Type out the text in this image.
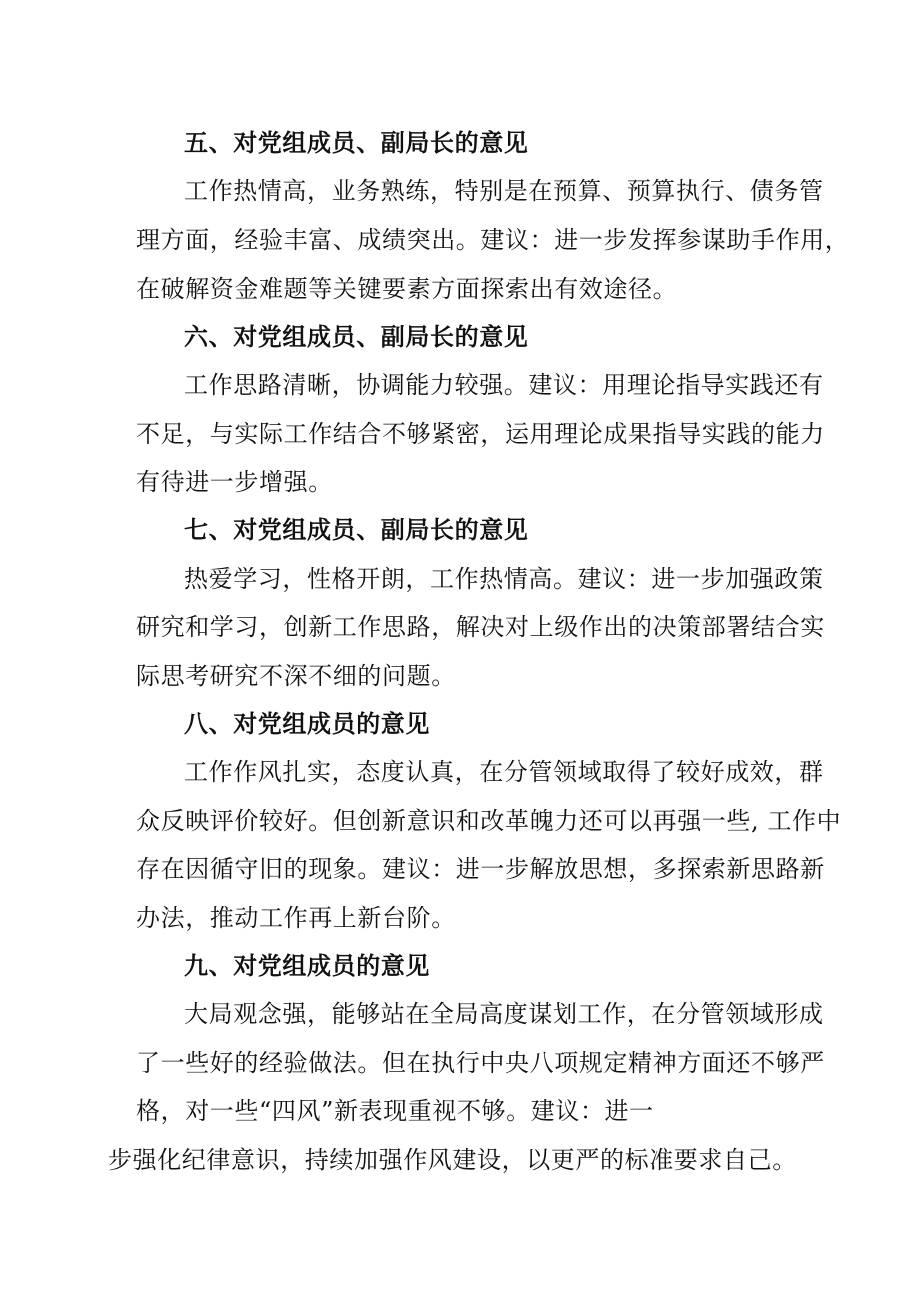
五、对党组成员、副局长的意见
工作热情高，业务熟练，特别是在预算、预算执行、债务管
理方面，经验丰富、成绩突出。建议：进一步发挥参谋助手作用，
在破解资金难题等关键要素方面探索出有效途径。
六、对党组成员、副局长的意见
工作思路清晰，协调能力较强。建议：用理论指导实践还有
不足，与实际工作结合不够紧密，运用理论成果指导实践的能力
有待进一步增强。
七、对党组成员、副局长的意见
热爱学习，性格开朗，工作热情高。建议：进一步加强政策
研究和学习，创新工作思路，解决对上级作出的决策部署结合实
际思考研究不深不细的问题。
八、对党组成员的意见
工作作风扎实，态度认真，在分管领域取得了较好成效，群
众反映评价较好。但创新意识和改革魄力还可以再强一些, 工作中
存在因循守旧的现象。建议：进一步解放思想，多探索新思路新
办法，推动工作再上新台阶。
九、对党组成员的意见
大局观念强，能够站在全局高度谋划工作，在分管领域形成
了一些好的经验做法。但在执行中央八项规定精神方面还不够严
格，对一些“四风”新表现重视不够。建议：进一
步强化纪律意识，持续加强作风建设，以更严的标准要求自己。
